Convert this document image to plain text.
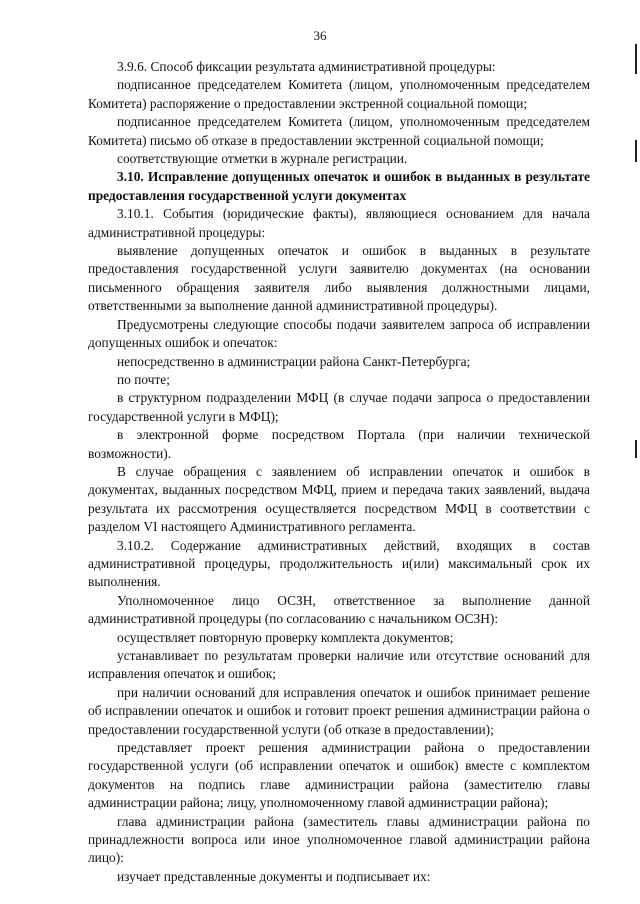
36

3.9.6. Способ фиксации результата административной процедуры:

подписанное председателем Комитета (лицом, уполномоченным председателем Комитета) распоряжение о предоставлении экстренной социальной помощи;

подписанное председателем Комитета (лицом, уполномоченным председателем Комитета) письмо об отказе в предоставлении экстренной социальной помощи;

соответствующие отметки в журнале регистрации.

3.10. Исправление допущенных опечаток и ошибок в выданных в результате предоставления государственной услуги документах

3.10.1. События (юридические факты), являющиеся основанием для начала административной процедуры:

выявление допущенных опечаток и ошибок в выданных в результате предоставления государственной услуги заявителю документах (на основании письменного обращения заявителя либо выявления должностными лицами, ответственными за выполнение данной административной процедуры).

Предусмотрены следующие способы подачи заявителем запроса об исправлении допущенных ошибок и опечаток:

непосредственно в администрации района Санкт-Петербурга;

по почте;

в структурном подразделении МФЦ (в случае подачи запроса о предоставлении государственной услуги в МФЦ);

в электронной форме посредством Портала (при наличии технической возможности).

В случае обращения с заявлением об исправлении опечаток и ошибок в документах, выданных посредством МФЦ, прием и передача таких заявлений, выдача результата их рассмотрения осуществляется посредством МФЦ в соответствии с разделом VI настоящего Административного регламента.

3.10.2. Содержание административных действий, входящих в состав административной процедуры, продолжительность и(или) максимальный срок их выполнения.

Уполномоченное лицо ОСЗН, ответственное за выполнение данной административной процедуры (по согласованию с начальником ОСЗН):

осуществляет повторную проверку комплекта документов;

устанавливает по результатам проверки наличие или отсутствие оснований для исправления опечаток и ошибок;

при наличии оснований для исправления опечаток и ошибок принимает решение об исправлении опечаток и ошибок и готовит проект решения администрации района о предоставлении государственной услуги (об отказе в предоставлении);

представляет проект решения администрации района о предоставлении государственной услуги (об исправлении опечаток и ошибок) вместе с комплектом документов на подпись главе администрации района (заместителю главы администрации района; лицу, уполномоченному главой администрации района);

глава администрации района (заместитель главы администрации района по принадлежности вопроса или иное уполномоченное главой администрации района лицо):

изучает представленные документы и подписывает их:
